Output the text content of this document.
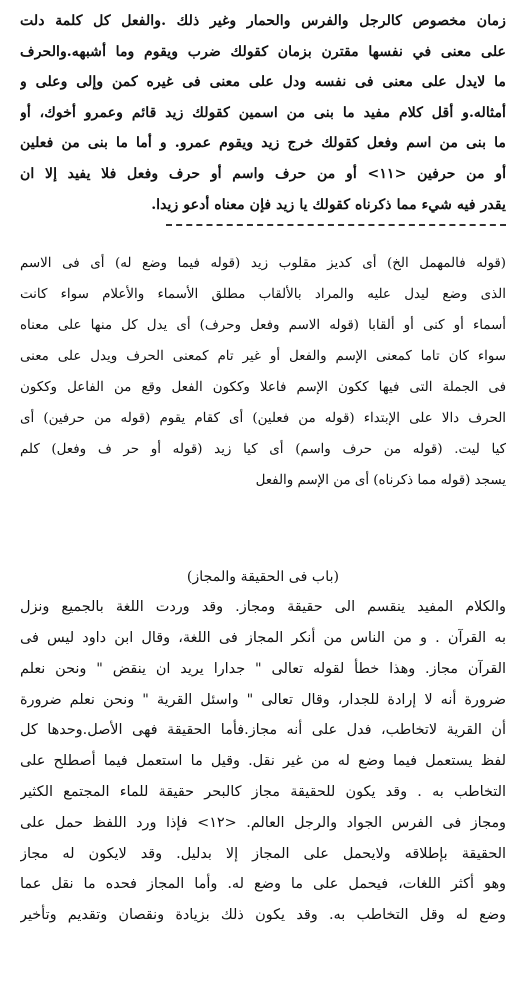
زمان مخصوص كالرجل والفرس والحمار وغير ذلك .والفعل كل كلمة دلت
على معنى في نفسها مقترن بزمان كقولك ضرب ويقوم وما أشبهه.والحرف
ما لايدل على معنى فى نفسه ودل على معنى فى غيره كمن وإلى وعلى و
أمثاله.و أقل كلام مفيد ما بنى من اسمين كقولك زيد قائم وعمرو أخوك، أو
ما بنى من اسم وفعل كقولك خرج زيد ويقوم عمرو. و أما ما بنى من فعلين
أو من حرفين <١١> أو من حرف واسم أو حرف وفعل فلا يفيد إلا ان
يقدر فيه شيء مما ذكرناه كقولك يا زيد فإن معناه أدعو زيدا.
(قوله فالمهمل الخ) أى كديز مقلوب زيد (قوله فيما وضع له) أى فى الاسم
الذى وضع لیدل علیه والمراد بالألقاب مطلق الأسماء والأعلام سواء کانت
أسماء أو كنى أو ألقابا (قوله الاسم وفعل وحرف) أى يدل كل منها على معناه
سواء كان تاما كمعنى الإسم والفعل أو غير تام كمعنى الحرف ويدل على معنى
فى الجملة التى فيها ككون الإسم فاعلا وككون الفعل وقع من الفاعل وككون
الحرف دالا على الإبتداء (قوله من فعلين) أى كقام يقوم (قوله من حرفين) أى
كيا ليت. (قوله من حرف واسم) أى كيا زيد (قوله أو حر ف وفعل) كلم
يسجد (قوله مما ذكرناه) أى من الإسم والفعل
(باب فى الحقيقة والمجاز)
والكلام المفيد ينقسم الى حقيقة ومجاز. وقد وردت اللغة بالجميع ونزل
به القرآن . و من الناس من أنكر المجاز فى اللغة، وقال ابن داود ليس فى
القرآن مجاز. وهذا خطأ لقوله تعالى " جدارا يريد ان ينقض " ونحن نعلم
ضرورة أنه لا إرادة للجدار، وقال تعالى " واسئل القرية " ونحن نعلم ضرورة
أن القرية لاتخاطب، فدل على أنه مجاز.فأما الحقيقة فهى الأصل.وحدها كل
لفظ يستعمل فيما وضع له من غير نقل. وقيل ما استعمل فيما أصطلح على
التخاطب به . وقد يكون للحقيقة مجاز كالبحر حقيقة للماء المجتمع الكثير
ومجاز فى الفرس الجواد والرجل العالم. <١٢> فإذا ورد اللفظ حمل على
الحقيقة بإطلاقه ولايحمل على المجاز إلا بدليل. وقد لايكون له مجاز
وهو أكثر اللغات، فيحمل على ما وضع له. وأما المجاز فحده ما نقل عما
وضع له وقل التخاطب به. وقد يكون ذلك بزيادة ونقصان وتقديم وتأخير
